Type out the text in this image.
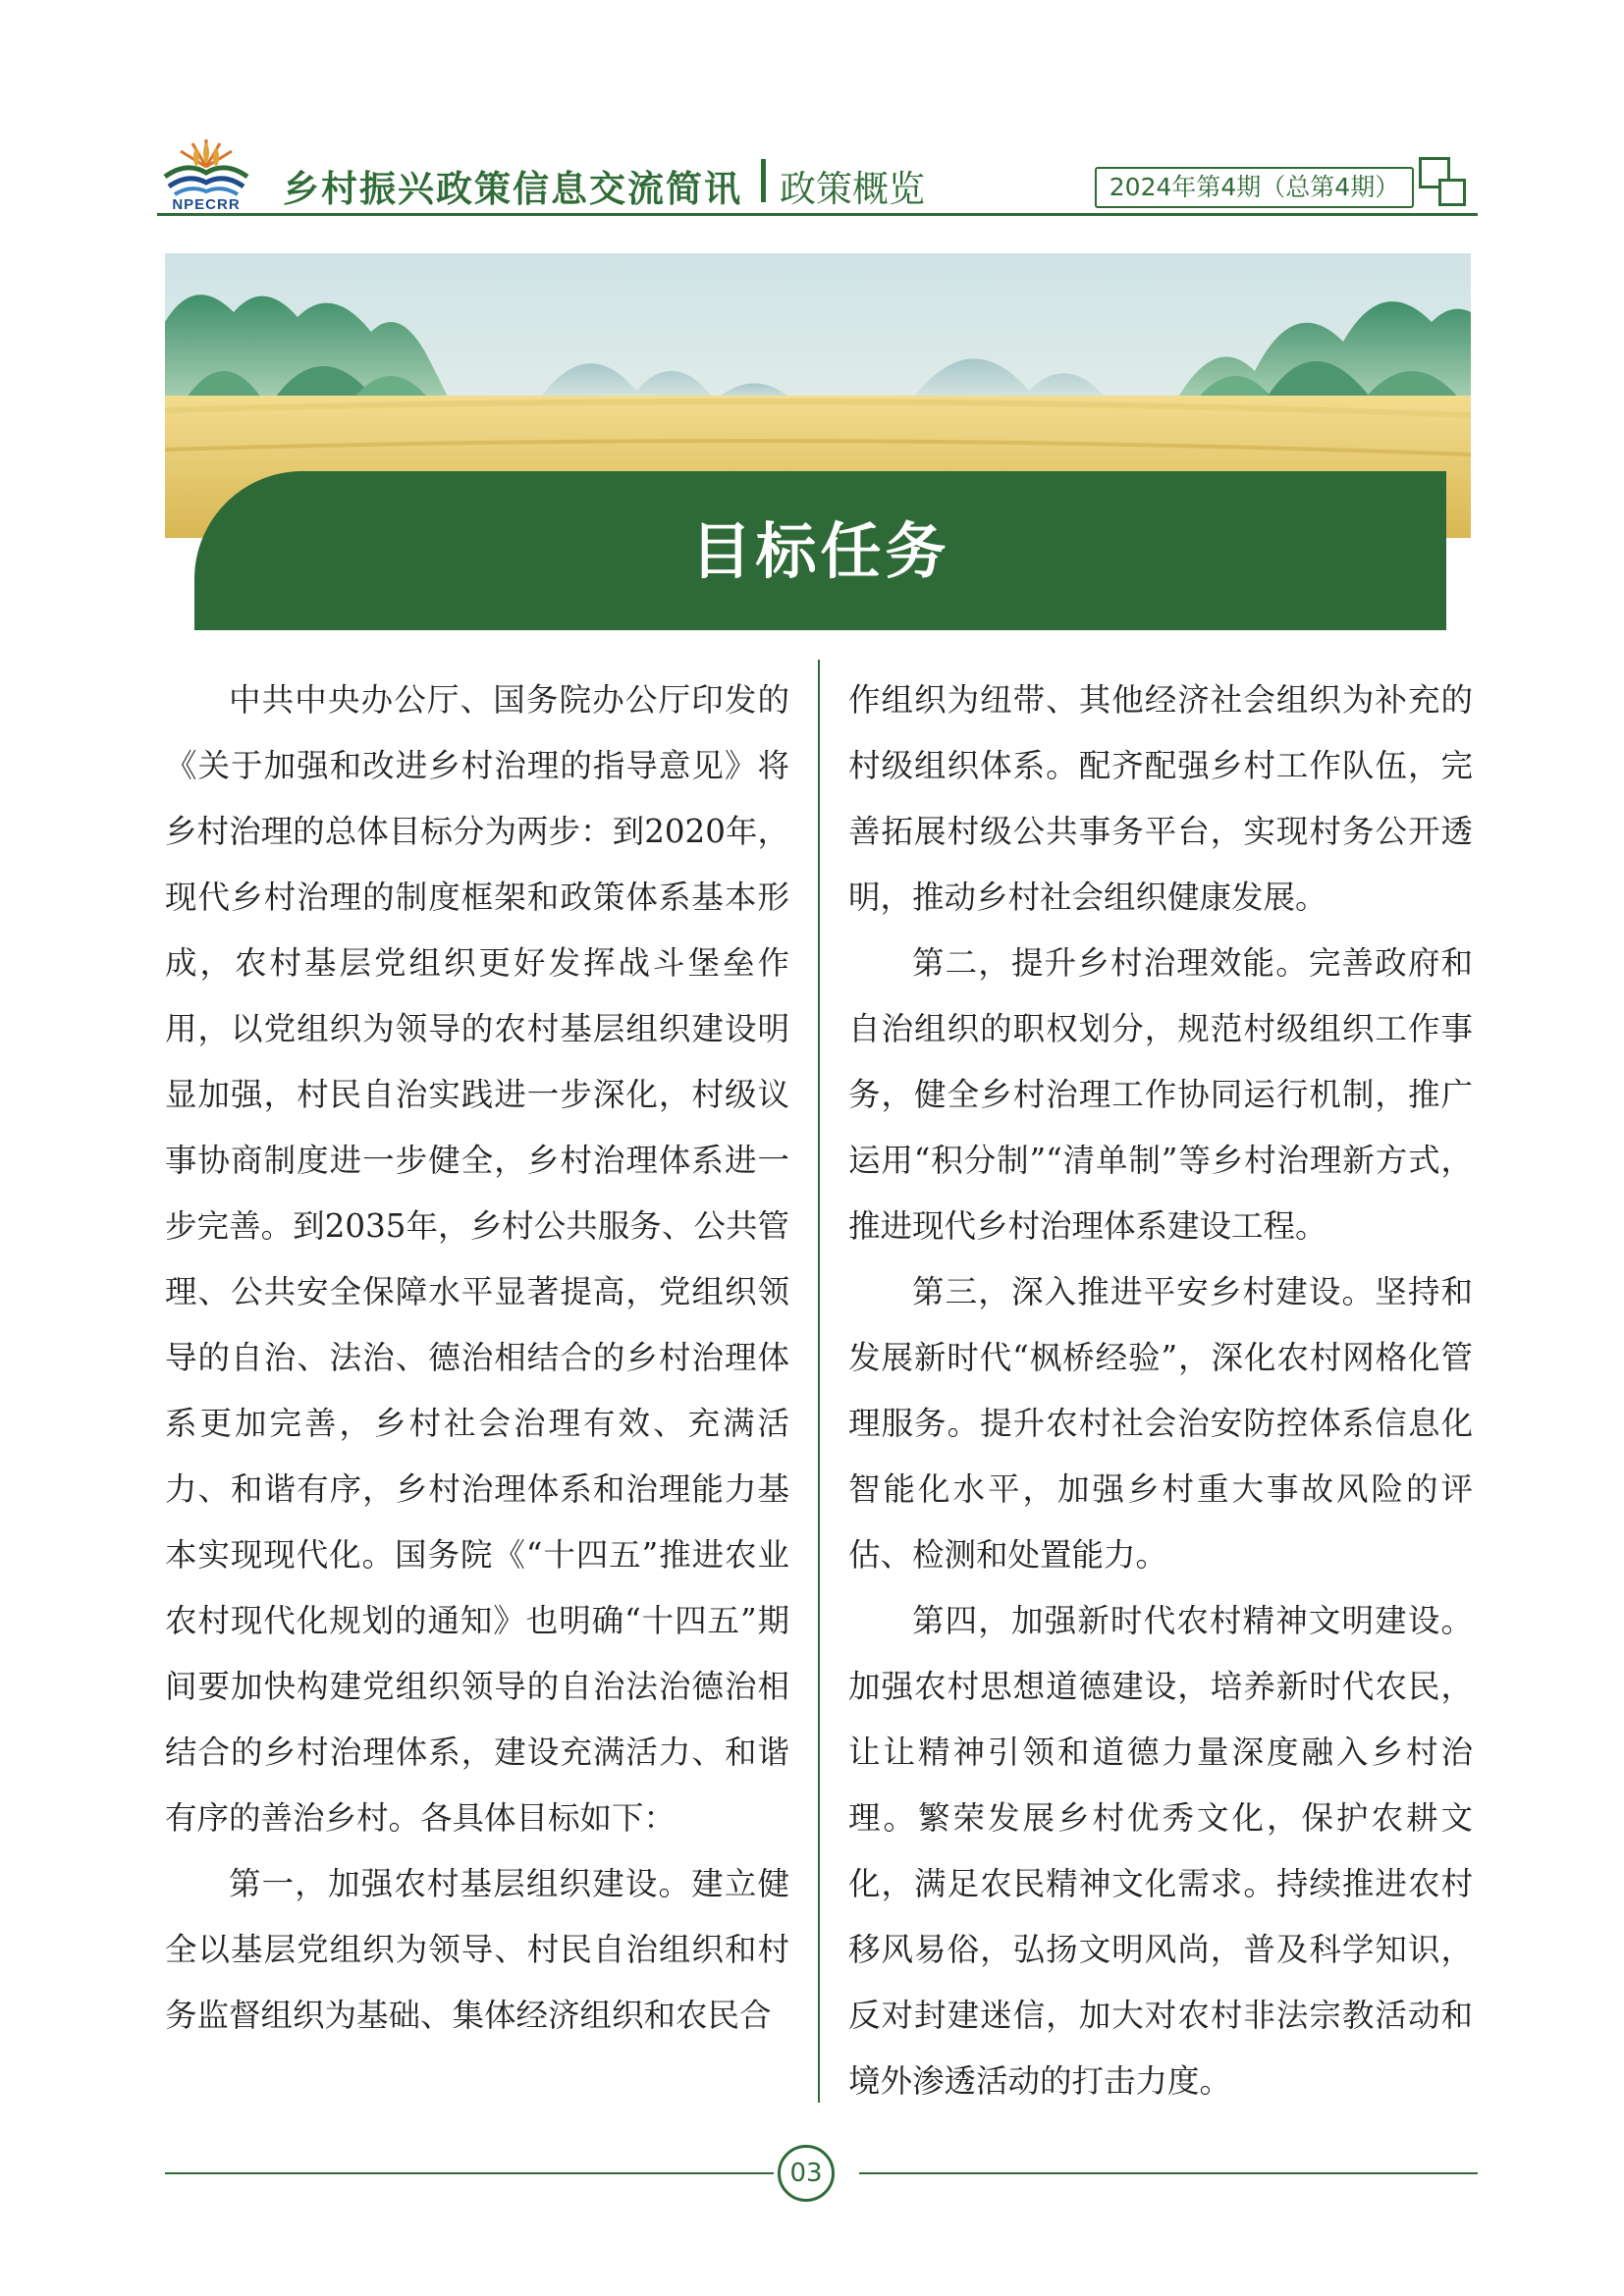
NPECRR	乡村振兴政策信息交流简讯 政策概览	2024年第4期（总第4期）
目标任务

中共中央办公厅、国务院办公厅印发的《关于加强和改进乡村治理的指导意见》将乡村治理的总体目标分为两步：到2020年，现代乡村治理的制度框架和政策体系基本形成，农村基层党组织更好发挥战斗堡垒作用，以党组织为领导的农村基层组织建设明显加强，村民自治实践进一步深化，村级议事协商制度进一步健全，乡村治理体系进一步完善。到2035年，乡村公共服务、公共管理、公共安全保障水平显著提高，党组织领导的自治、法治、德治相结合的乡村治理体系更加完善，乡村社会治理有效、充满活力、和谐有序，乡村治理体系和治理能力基本实现现代化。国务院《“十四五”推进农业农村现代化规划的通知》也明确“十四五”期间要加快构建党组织领导的自治法治德治相结合的乡村治理体系，建设充满活力、和谐有序的善治乡村。各具体目标如下：

第一，加强农村基层组织建设。建立健全以基层党组织为领导、村民自治组织和村务监督组织为基础、集体经济组织和农民合

作组织为纽带、其他经济社会组织为补充的村级组织体系。配齐配强乡村工作队伍，完善拓展村级公共事务平台，实现村务公开透明，推动乡村社会组织健康发展。

第二，提升乡村治理效能。完善政府和自治组织的职权划分，规范村级组织工作事务，健全乡村治理工作协同运行机制，推广运用“积分制”“清单制”等乡村治理新方式，推进现代乡村治理体系建设工程。

第三，深入推进平安乡村建设。坚持和发展新时代“枫桥经验”，深化农村网格化管理服务。提升农村社会治安防控体系信息化智能化水平，加强乡村重大事故风险的评估、检测和处置能力。

第四，加强新时代农村精神文明建设。加强农村思想道德建设，培养新时代农民，让让精神引领和道德力量深度融入乡村治理。繁荣发展乡村优秀文化，保护农耕文化，满足农民精神文化需求。持续推进农村移风易俗，弘扬文明风尚，普及科学知识，反对封建迷信，加大对农村非法宗教活动和境外渗透活动的打击力度。

03
